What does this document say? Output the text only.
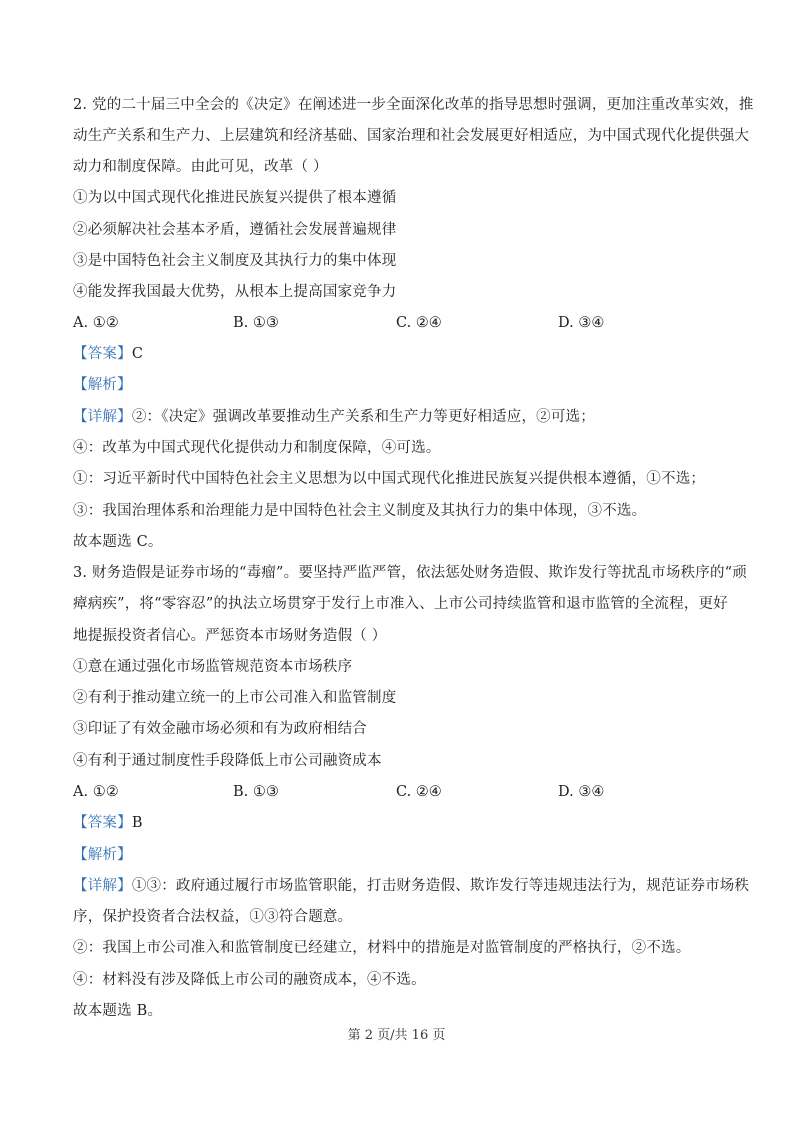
2. 党的二十届三中全会的《决定》在阐述进一步全面深化改革的指导思想时强调，更加注重改革实效，推
动生产关系和生产力、上层建筑和经济基础、国家治理和社会发展更好相适应，为中国式现代化提供强大
动力和制度保障。由此可见，改革（ ）
①为以中国式现代化推进民族复兴提供了根本遵循
②必须解决社会基本矛盾，遵循社会发展普遍规律
③是中国特色社会主义制度及其执行力的集中体现
④能发挥我国最大优势，从根本上提高国家竞争力
A. ①②	B. ①③	C. ②④	D. ③④
【答案】C
【解析】
【详解】②：《决定》强调改革要推动生产关系和生产力等更好相适应，②可选；
④：改革为中国式现代化提供动力和制度保障，④可选。
①：习近平新时代中国特色社会主义思想为以中国式现代化推进民族复兴提供根本遵循，①不选；
③：我国治理体系和治理能力是中国特色社会主义制度及其执行力的集中体现，③不选。
故本题选 C。
3. 财务造假是证券市场的“毒瘤”。要坚持严监严管，依法惩处财务造假、欺诈发行等扰乱市场秩序的“顽
瘴病疾”，将“零容忍”的执法立场贯穿于发行上市准入、上市公司持续监管和退市监管的全流程，更好
地提振投资者信心。严惩资本市场财务造假（ ）
①意在通过强化市场监管规范资本市场秩序
②有利于推动建立统一的上市公司准入和监管制度
③印证了有效金融市场必须和有为政府相结合
④有利于通过制度性手段降低上市公司融资成本
A. ①②	B. ①③	C. ②④	D. ③④
【答案】B
【解析】
【详解】①③：政府通过履行市场监管职能，打击财务造假、欺诈发行等违规违法行为，规范证券市场秩
序，保护投资者合法权益，①③符合题意。
②：我国上市公司准入和监管制度已经建立，材料中的措施是对监管制度的严格执行，②不选。
④：材料没有涉及降低上市公司的融资成本，④不选。
故本题选 B。
第 2 页/共 16 页
